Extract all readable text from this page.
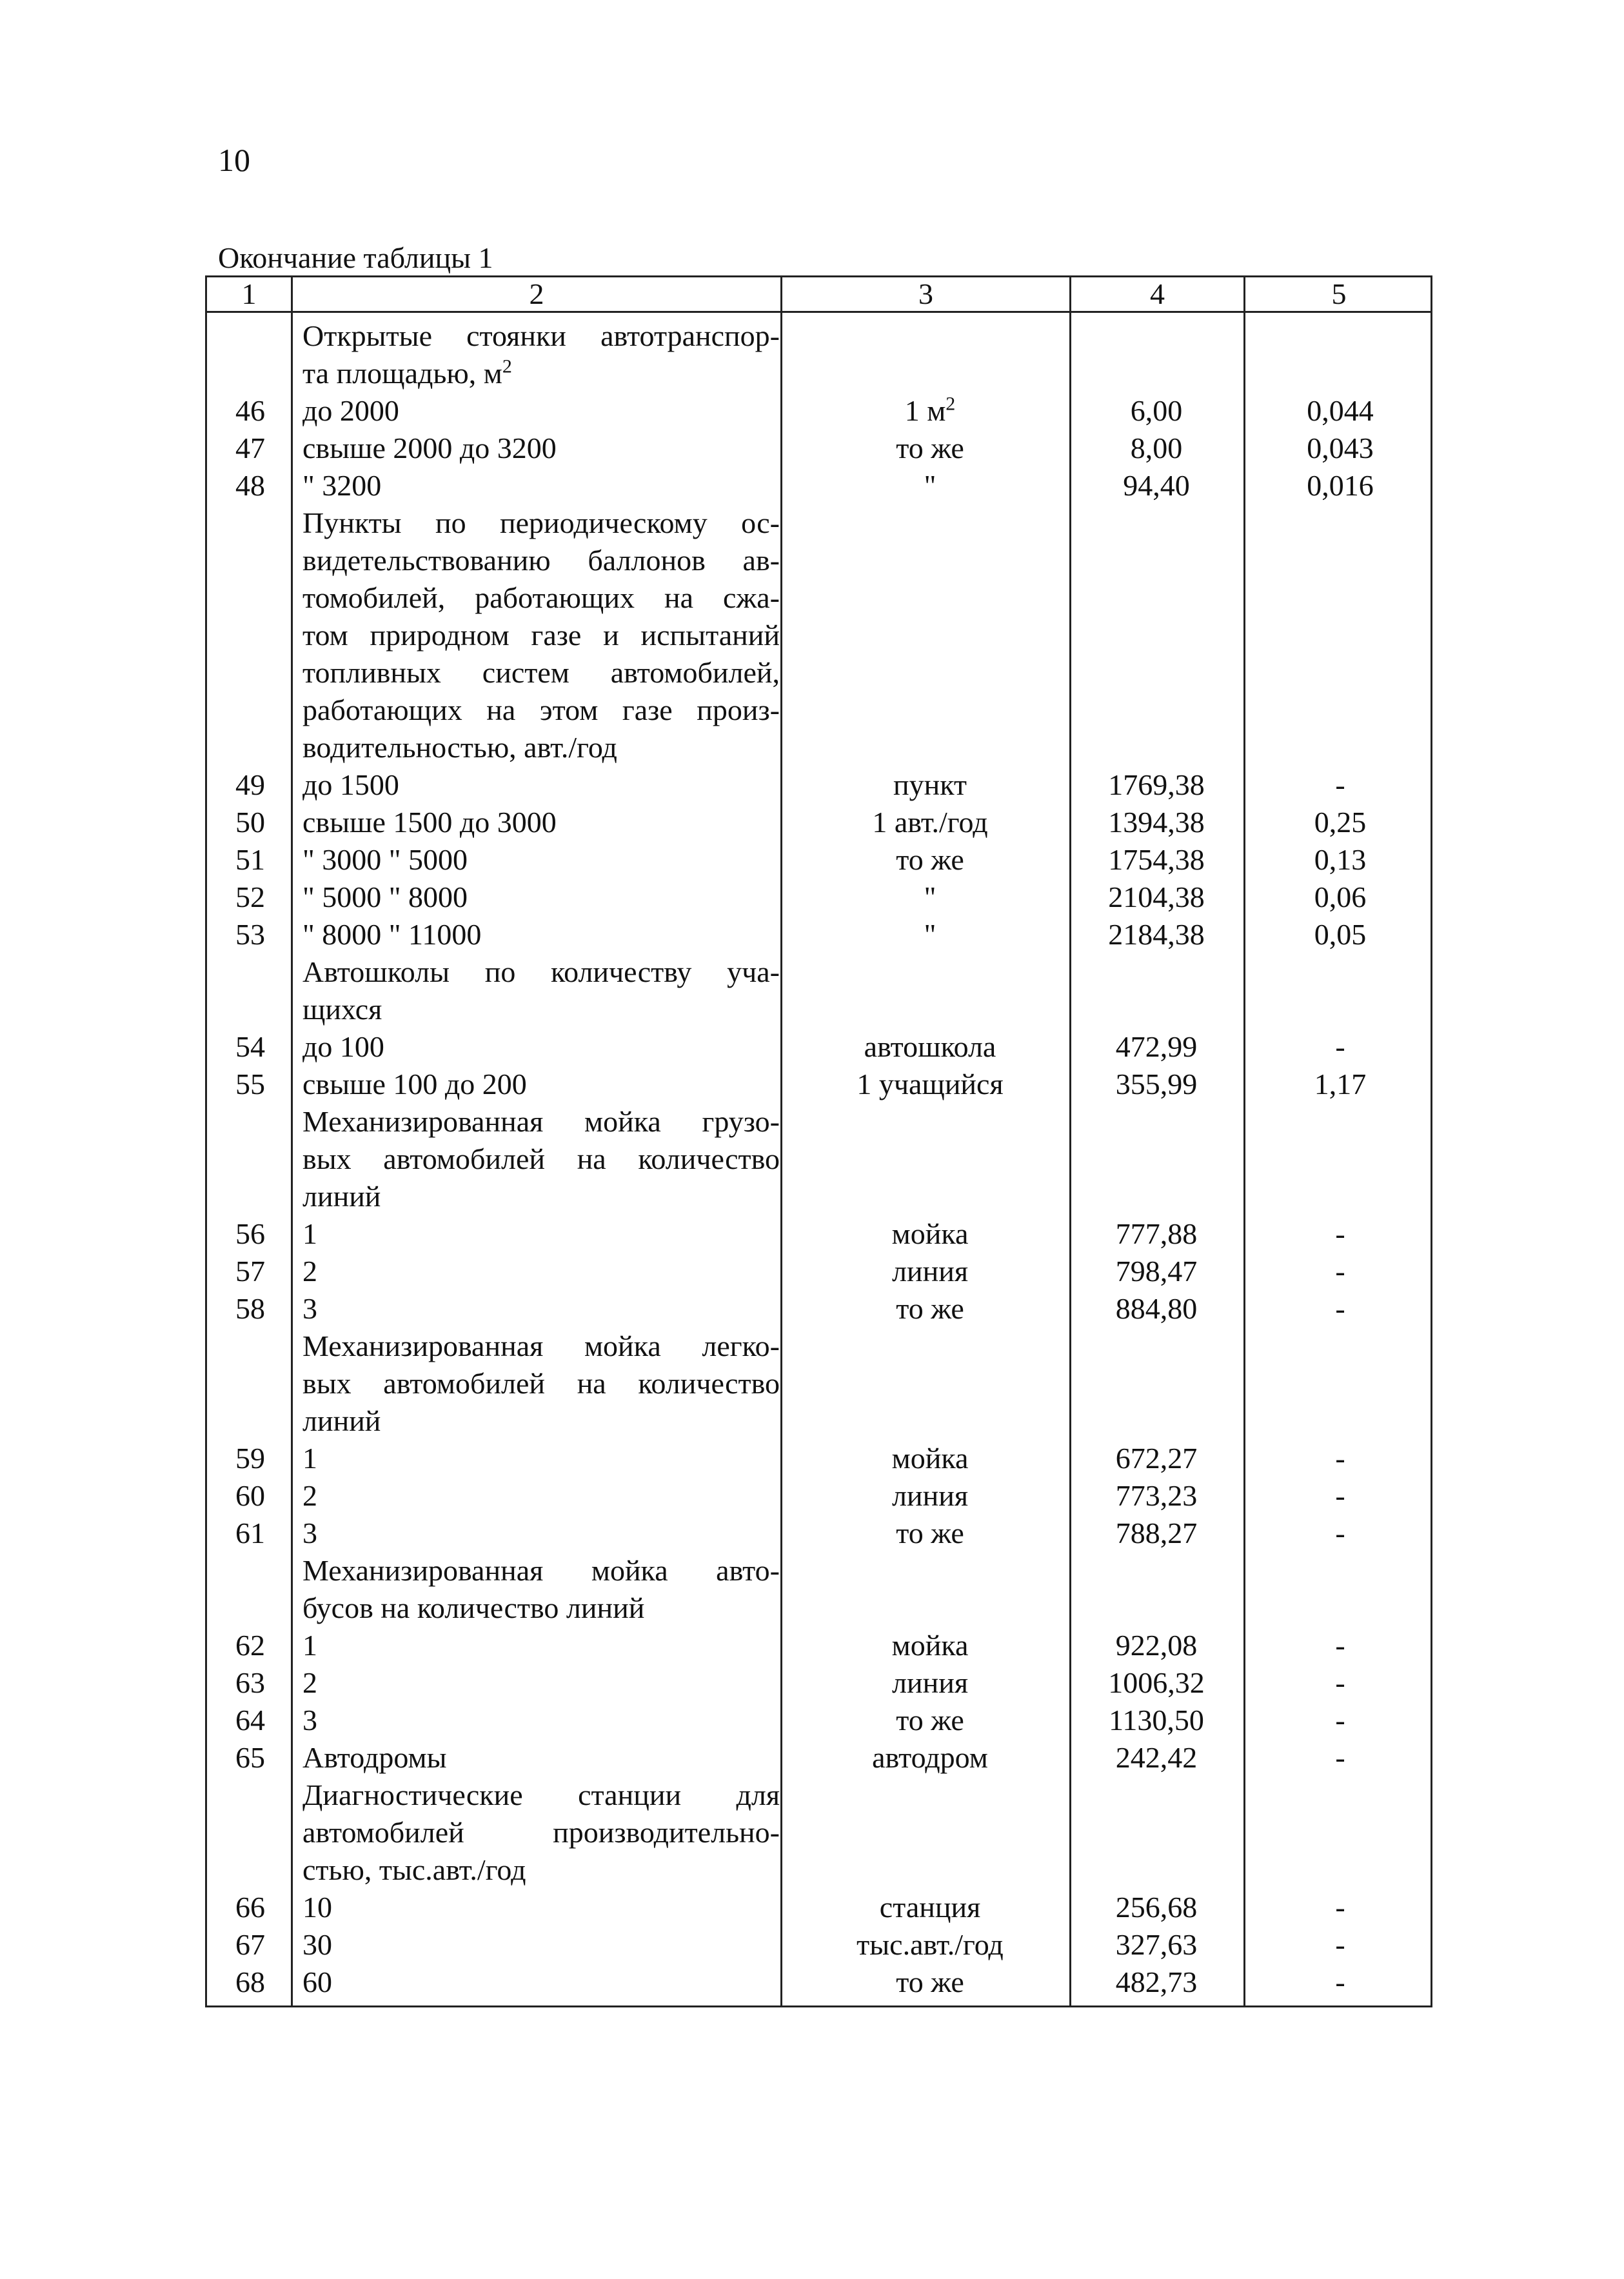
10
Окончание таблицы 1
1	2	3	4	5
Открытые стоянки автотранспор-
та площадью, $м^2$
46	до 2000	1 $м^2$	6,00	0,044
47	свыше 2000 до 3200	то же	8,00	0,043
48	" 3200	"	94,40	0,016
Пункты по периодическому ос-
видетельствованию баллонов ав-
томобилей, работающих на сжа-
том природном газе и испытаний
топливных систем автомобилей,
работающих на этом газе произ-
водительностью, авт./год
49	до 1500	пункт	1769,38	-
50	свыше 1500 до 3000	1 авт./год	1394,38	0,25
51	" 3000 " 5000	то же	1754,38	0,13
52	" 5000 " 8000	"	2104,38	0,06
53	" 8000 " 11000	"	2184,38	0,05
Автошколы по количеству уча-
щихся
54	до 100	автошкола	472,99	-
55	свыше 100 до 200	1 учащийся	355,99	1,17
Механизированная мойка грузо-
вых автомобилей на количество
линий
56	1	мойка	777,88	-
57	2	линия	798,47	-
58	3	то же	884,80	-
Механизированная мойка легко-
вых автомобилей на количество
линий
59	1	мойка	672,27	-
60	2	линия	773,23	-
61	3	то же	788,27	-
Механизированная мойка авто-
бусов на количество линий
62	1	мойка	922,08	-
63	2	линия	1006,32	-
64	3	то же	1130,50	-
65	Автодромы	автодром	242,42	-
Диагностические станции для
автомобилей производительно-
стью, тыс.авт./год
66	10	станция	256,68	-
67	30	тыс.авт./год	327,63	-
68	60	то же	482,73	-
